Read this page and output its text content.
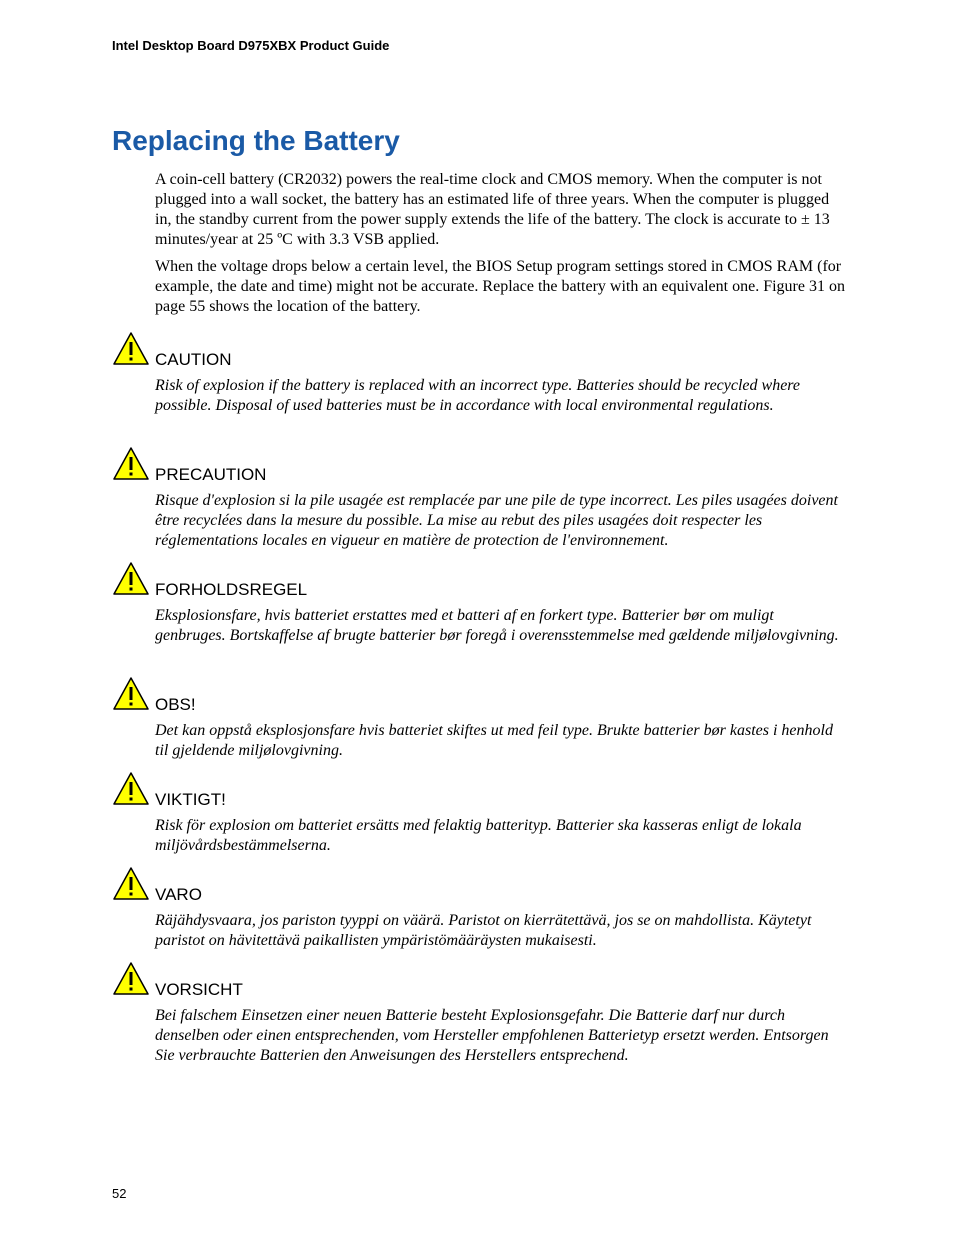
Intel Desktop Board D975XBX Product Guide
Replacing the Battery

A coin-cell battery (CR2032) powers the real-time clock and CMOS memory. When the computer is not plugged into a wall socket, the battery has an estimated life of three years. When the computer is plugged in, the standby current from the power supply extends the life of the battery. The clock is accurate to ± 13 minutes/year at 25 ºC with 3.3 VSB applied.

When the voltage drops below a certain level, the BIOS Setup program settings stored in CMOS RAM (for example, the date and time) might not be accurate. Replace the battery with an equivalent one. Figure 31 on page 55 shows the location of the battery.

CAUTION

Risk of explosion if the battery is replaced with an incorrect type. Batteries should be recycled where possible. Disposal of used batteries must be in accordance with local environmental regulations.

PRECAUTION

Risque d'explosion si la pile usagée est remplacée par une pile de type incorrect. Les piles usagées doivent être recyclées dans la mesure du possible. La mise au rebut des piles usagées doit respecter les réglementations locales en vigueur en matière de protection de l'environnement.

FORHOLDSREGEL

Eksplosionsfare, hvis batteriet erstattes med et batteri af en forkert type. Batterier bør om muligt genbruges. Bortskaffelse af brugte batterier bør foregå i overensstemmelse med gældende miljølovgivning.

OBS!

Det kan oppstå eksplosjonsfare hvis batteriet skiftes ut med feil type. Brukte batterier bør kastes i henhold til gjeldende miljølovgivning.

VIKTIGT!

Risk för explosion om batteriet ersätts med felaktig batterityp. Batterier ska kasseras enligt de lokala miljövårdsbestämmelserna.

VARO

Räjähdysvaara, jos pariston tyyppi on väärä. Paristot on kierrätettävä, jos se on mahdollista. Käytetyt paristot on hävitettävä paikallisten ympäristömääräysten mukaisesti.

VORSICHT

Bei falschem Einsetzen einer neuen Batterie besteht Explosionsgefahr. Die Batterie darf nur durch denselben oder einen entsprechenden, vom Hersteller empfohlenen Batterietyp ersetzt werden. Entsorgen Sie verbrauchte Batterien den Anweisungen des Herstellers entsprechend.

52
